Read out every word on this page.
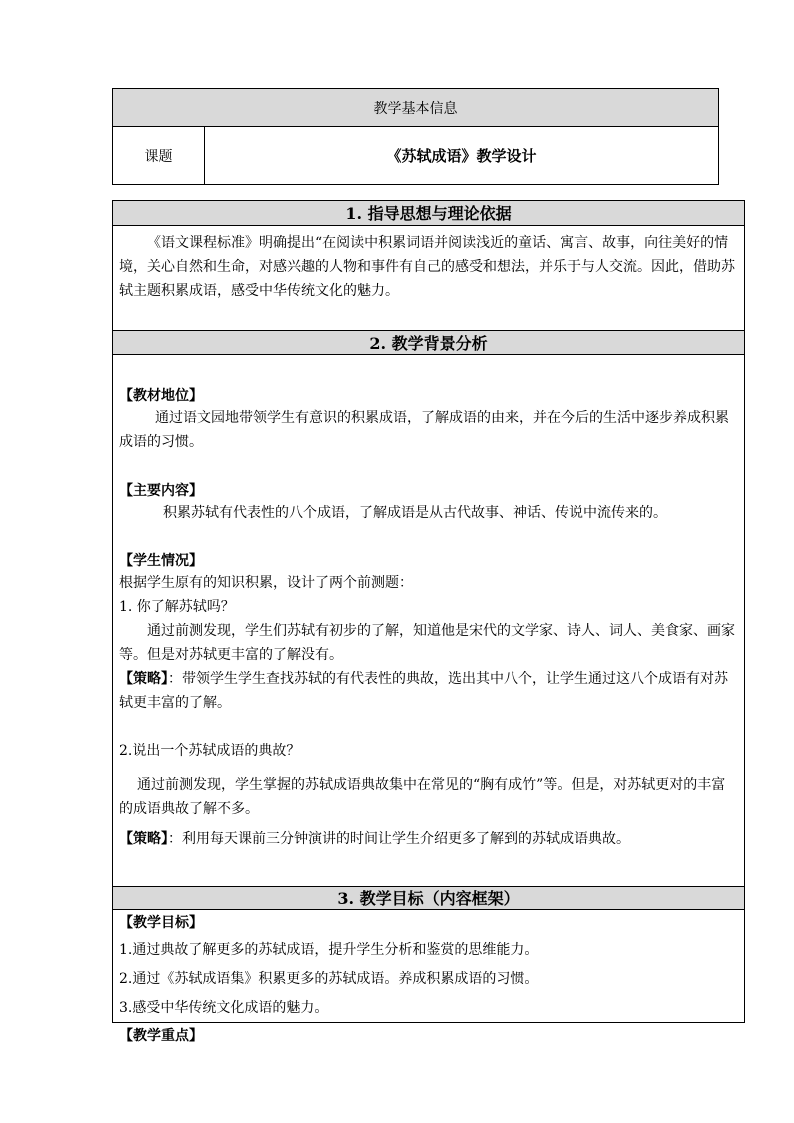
教学基本信息
课题	《苏轼成语》教学设计
1. 指导思想与理论依据

《语文课程标准》明确提出“在阅读中积累词语并阅读浅近的童话、寓言、故事，向往美好的情境，关心自然和生命，对感兴趣的人物和事件有自己的感受和想法，并乐于与人交流。因此，借助苏轼主题积累成语，感受中华传统文化的魅力。

2. 教学背景分析

【教材地位】

通过语文园地带领学生有意识的积累成语，了解成语的由来，并在今后的生活中逐步养成积累成语的习惯。

【主要内容】

积累苏轼有代表性的八个成语，了解成语是从古代故事、神话、传说中流传来的。

【学生情况】

根据学生原有的知识积累，设计了两个前测题：

1. 你了解苏轼吗？

通过前测发现，学生们苏轼有初步的了解，知道他是宋代的文学家、诗人、词人、美食家、画家等。但是对苏轼更丰富的了解没有。

【策略】：带领学生学生查找苏轼的有代表性的典故，选出其中八个，让学生通过这八个成语有对苏轼更丰富的了解。

2.说出一个苏轼成语的典故？

通过前测发现，学生掌握的苏轼成语典故集中在常见的“胸有成竹”等。但是，对苏轼更对的丰富的成语典故了解不多。

【策略】：利用每天课前三分钟演讲的时间让学生介绍更多了解到的苏轼成语典故。

3. 教学目标（内容框架）

【教学目标】

1.通过典故了解更多的苏轼成语，提升学生分析和鉴赏的思维能力。

2.通过《苏轼成语集》积累更多的苏轼成语。养成积累成语的习惯。

3.感受中华传统文化成语的魅力。

【教学重点】
